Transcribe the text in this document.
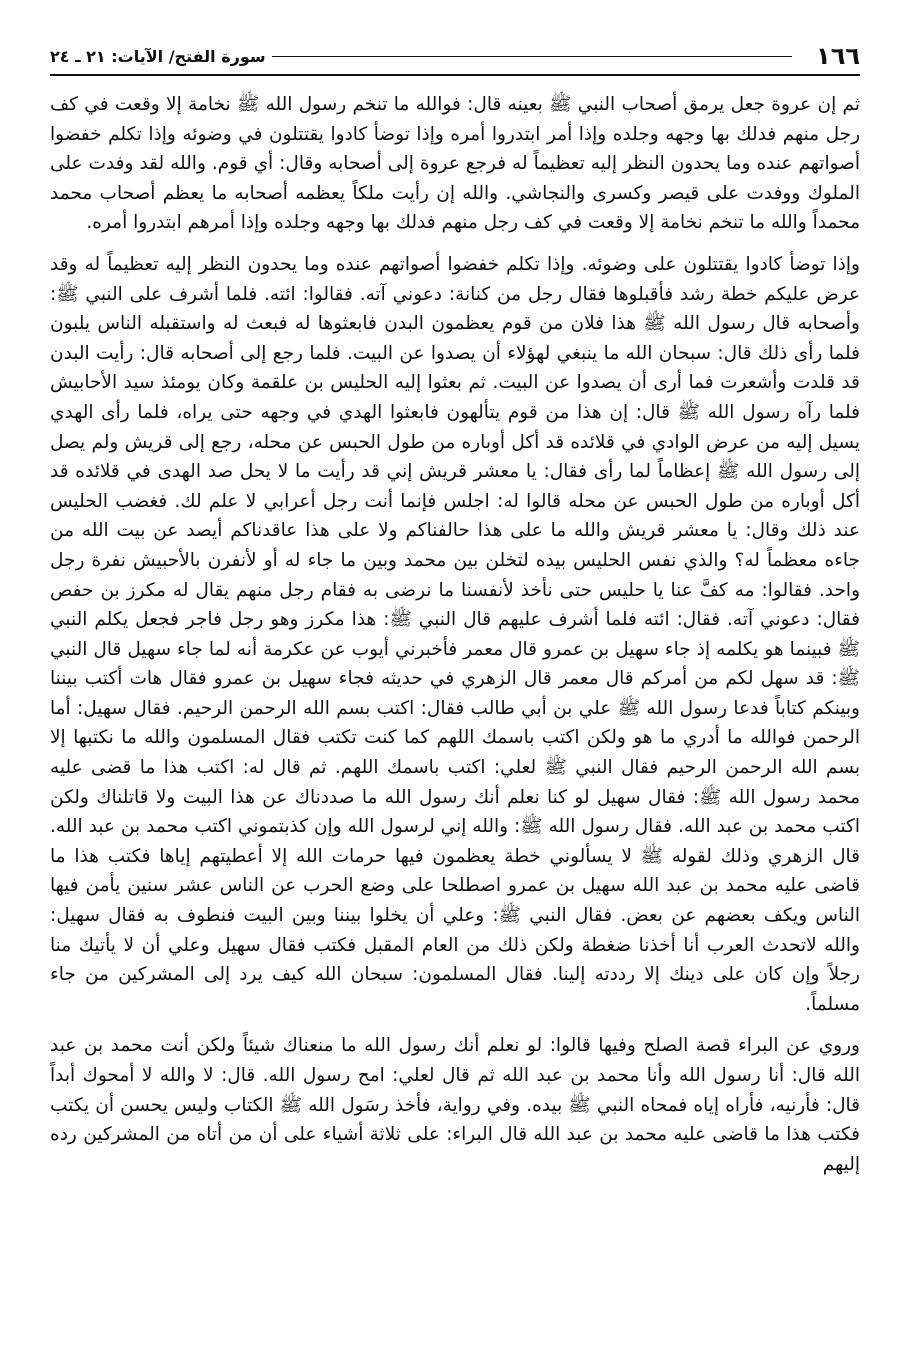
١٦٦
سورة الفتح/ الآيات: ٢١ ـ ٢٤

ثم إن عروة جعل يرمق أصحاب النبي ﷺ بعينه قال: فوالله ما تنخم رسول الله ﷺ نخامة إلا وقعت في كف رجل منهم فدلك بها وجهه وجلده وإذا أمر ابتدروا أمره وإذا توضأ كادوا يقتتلون في وضوئه وإذا تكلم خفضوا أصواتهم عنده وما يحدون النظر إليه تعظيماً له فرجع عروة إلى أصحابه وقال: أي قوم. والله لقد وفدت على الملوك ووفدت على قيصر وكسرى والنجاشي. والله إن رأيت ملكاً يعظمه أصحابه ما يعظم أصحاب محمد محمداً والله ما تنخم نخامة إلا وقعت في كف رجل منهم فدلك بها وجهه وجلده وإذا أمرهم ابتدروا أمره.

وإذا توضأ كادوا يقتتلون على وضوئه. وإذا تكلم خفضوا أصواتهم عنده وما يحدون النظر إليه تعظيماً له وقد عرض عليكم خطة رشد فأقبلوها فقال رجل من كنانة: دعوني آته. فقالوا: ائته. فلما أشرف على النبي ﷺ: وأصحابه قال رسول الله ﷺ هذا فلان من قوم يعظمون البدن فابعثوها له فبعث له واستقبله الناس يلبون فلما رأى ذلك قال: سبحان الله ما ينبغي لهؤلاء أن يصدوا عن البيت. فلما رجع إلى أصحابه قال: رأيت البدن قد قلدت وأشعرت فما أرى أن يصدوا عن البيت. ثم بعثوا إليه الحليس بن علقمة وكان يومئذ سيد الأحابيش فلما رآه رسول الله ﷺ قال: إن هذا من قوم يتألهون فابعثوا الهدي في وجهه حتى يراه، فلما رأى الهدي يسيل إليه من عرض الوادي في قلائده قد أكل أوباره من طول الحبس عن محله، رجع إلى قريش ولم يصل إلى رسول الله ﷺ إعظاماً لما رأى فقال: يا معشر قريش إني قد رأيت ما لا يحل صد الهدى في قلائده قد أكل أوباره من طول الحبس عن محله قالوا له: اجلس فإنما أنت رجل أعرابي لا علم لك. فغضب الحليس عند ذلك وقال: يا معشر قريش والله ما على هذا حالفناكم ولا على هذا عاقدناكم أيصد عن بيت الله من جاءه معظماً له؟ والذي نفس الحليس بيده لتخلن بين محمد وبين ما جاء له أو لأنفرن بالأحبيش نفرة رجل واحد. فقالوا: مه كفَّ عنا يا حليس حتى نأخذ لأنفسنا ما نرضى به فقام رجل منهم يقال له مكرز بن حفص فقال: دعوني آته. فقال: ائته فلما أشرف عليهم قال النبي ﷺ: هذا مكرز وهو رجل فاجر فجعل يكلم النبي ﷺ فبينما هو يكلمه إذ جاء سهيل بن عمرو قال معمر فأخبرني أيوب عن عكرمة أنه لما جاء سهيل قال النبي ﷺ: قد سهل لكم من أمركم قال معمر قال الزهري في حديثه فجاء سهيل بن عمرو فقال هات أكتب بيننا وبينكم كتاباً فدعا رسول الله ﷺ علي بن أبي طالب فقال: اكتب بسم الله الرحمن الرحيم. فقال سهيل: أما الرحمن فوالله ما أدري ما هو ولكن اكتب باسمك اللهم كما كنت تكتب فقال المسلمون والله ما نكتبها إلا بسم الله الرحمن الرحيم فقال النبي ﷺ لعلي: اكتب باسمك اللهم. ثم قال له: اكتب هذا ما قضى عليه محمد رسول الله ﷺ: فقال سهيل لو كنا نعلم أنك رسول الله ما صددناك عن هذا البيت ولا قاتلناك ولكن اكتب محمد بن عبد الله. فقال رسول الله ﷺ: والله إني لرسول الله وإن كذبتموني اكتب محمد بن عبد الله. قال الزهري وذلك لقوله ﷺ لا يسألوني خطة يعظمون فيها حرمات الله إلا أعطيتهم إياها فكتب هذا ما قاضى عليه محمد بن عبد الله سهيل بن عمرو اصطلحا على وضع الحرب عن الناس عشر سنين يأمن فيها الناس ويكف بعضهم عن بعض. فقال النبي ﷺ: وعلي أن يخلوا بيننا وبين البيت فنطوف به فقال سهيل: والله لاتحدث العرب أنا أخذنا ضغطة ولكن ذلك من العام المقبل فكتب فقال سهيل وعلي أن لا يأتيك منا رجلاً وإن كان على دينك إلا رددته إلينا. فقال المسلمون: سبحان الله كيف يرد إلى المشركين من جاء مسلماً.

وروي عن البراء قصة الصلح وفيها قالوا: لو نعلم أنك رسول الله ما منعناك شيئاً ولكن أنت محمد بن عبد الله قال: أنا رسول الله وأنا محمد بن عبد الله ثم قال لعلي: امح رسول الله. قال: لا والله لا أمحوك أبداً قال: فأرنيه، فأراه إياه فمحاه النبي ﷺ بيده. وفي رواية، فأخذ رسَول الله ﷺ الكتاب وليس يحسن أن يكتب فكتب هذا ما قاضى عليه محمد بن عبد الله قال البراء: على ثلاثة أشياء على أن من أتاه من المشركين رده إليهم
